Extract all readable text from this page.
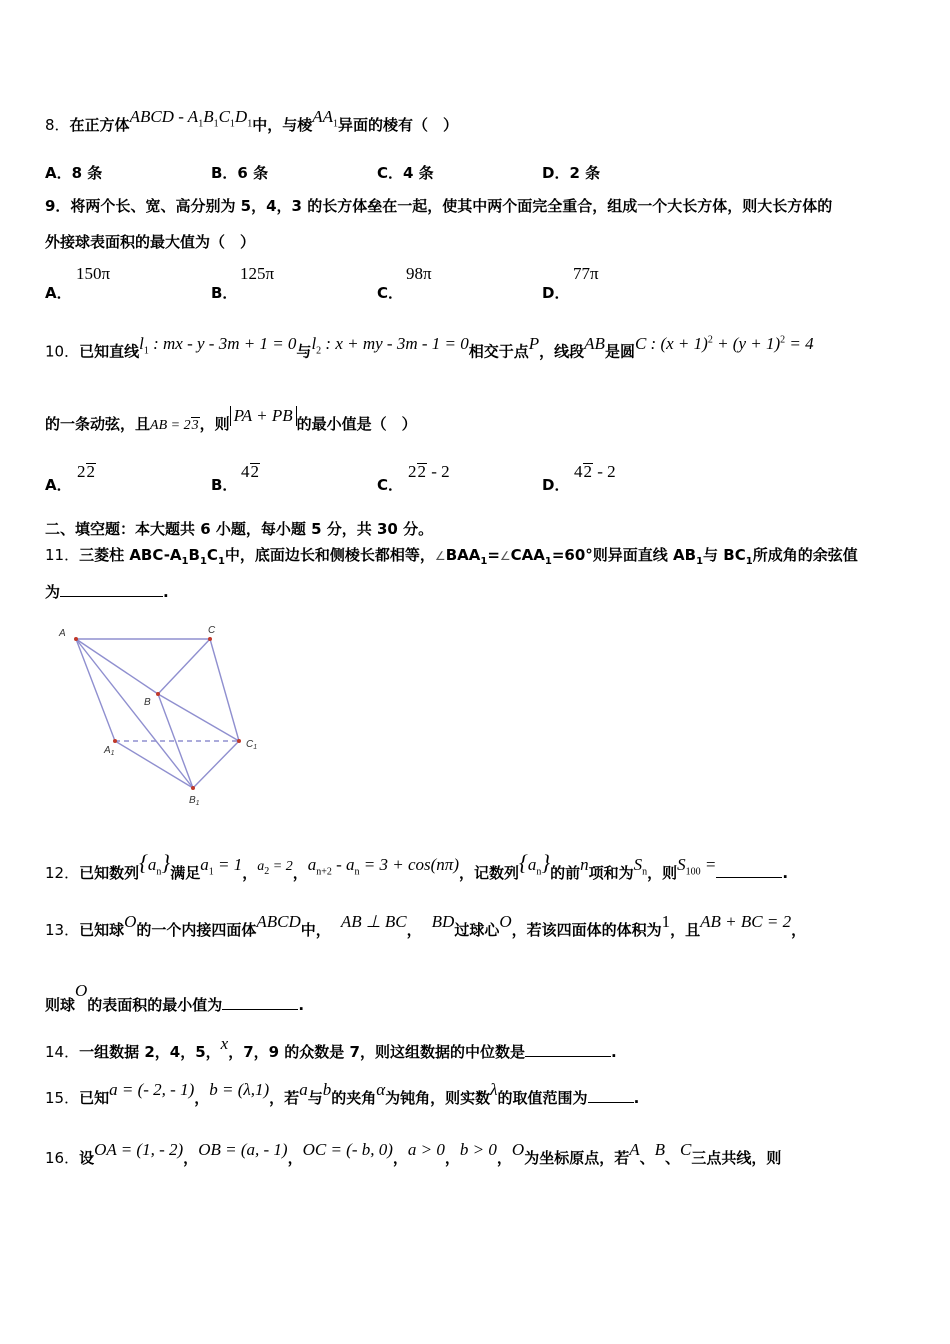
8．在正方体ABCD - $A_1B_1C_1D_1$中，与棱$AA_1$异面的棱有（　）
A．8 条	B．6 条	C．4 条	D．2 条
9．将两个长、宽、高分别为 5，4，3 的长方体垒在一起，使其中两个面完全重合，组成一个大长方体，则大长方体的
外接球表面积的最大值为（　）
A．
150π
B．
125π
C．
98π
D．
77π
10．已知直线$l_1$ : mx - y - 3m + 1 = 0与$l_2$ : x + my - 3m - 1 = 0相交于点P，线段AB是圆C : $(x + 1)^2 + (y + 1)^2 = 4$
的一条动弦，且AB = 23，则 PA + PB 的最小值是（　）
A．
22
B．
42
C．
22 - 2
D．
42 - 2
二、填空题：本大题共 6 小题，每小题 5 分，共 30 分。
11．三菱柱 ABC-$A_1B_1C_1$中，底面边长和侧棱长都相等，$\angle BAA_1=\angle CAA_1=60^\circ$则异面直线 $AB_1$与 $BC_1$所成角的余弦值
为	.
A	C
B
$A_1$
$C_1$
$B_1$
12．已知数列$\{a_n\}$满足$a_1 = 1$，$a_2 = 2$，$a_{n+2} - a_n = 3 + \cos(n\pi)$，记数列$\{a_n\}$的前n项和为$S_n$，则$S_{100}$ =	.
13．已知球O的一个内接四面体ABCD中， AB ⊥ BC， BD过球心O，若该四面体的体积为1，且AB + BC = 2，
则球O的表面积的最小值为	.
14．一组数据 2，4，5，x，7，9 的众数是 7，则这组数据的中位数是	.
15．已知a = (- 2, - 1)，b = (λ,1)，若a与b的夹角α为钝角，则实数λ的取值范围为	.
16．设OA = (1, - 2)，OB = (a, - 1)，OC = (- b, 0)，a > 0，b > 0，O为坐标原点，若A、B、C三点共线，则
